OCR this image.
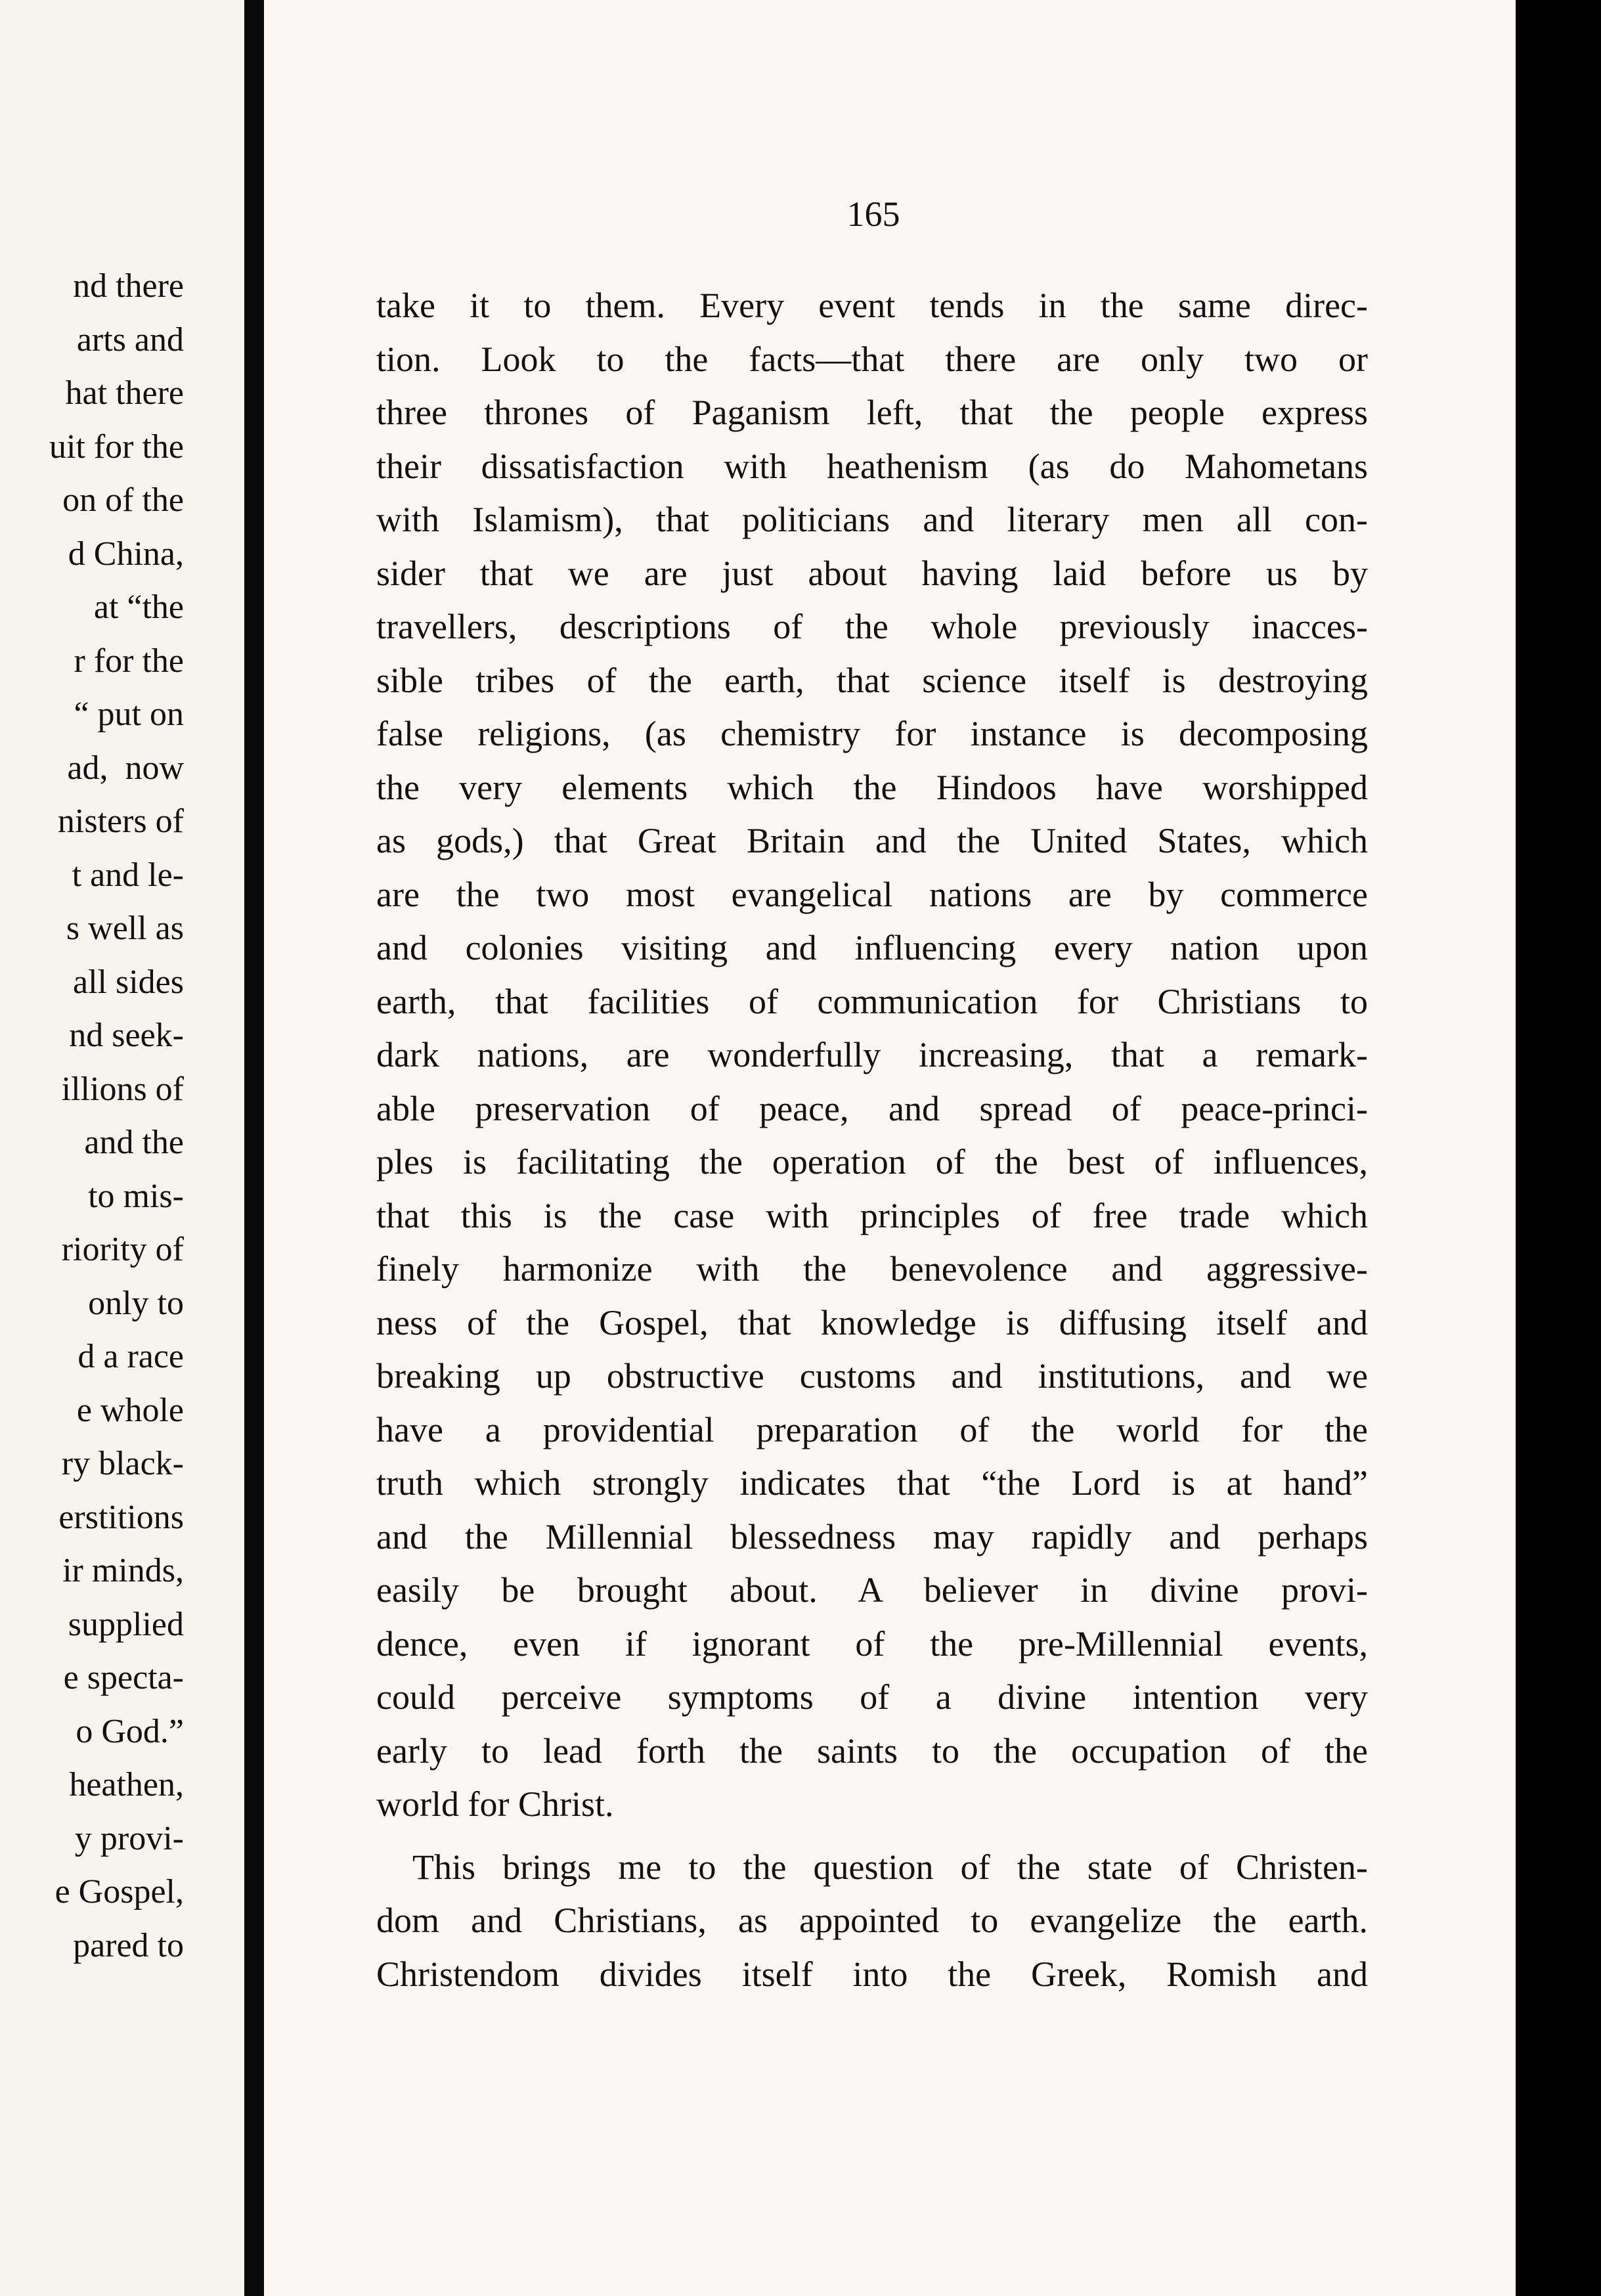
nd there
arts and
hat there
uit for the
on of the
d China,
at “the
r for the
“ put on
ad,  now
nisters of
t and le-
s well as
all sides
nd seek-
illions of
and the
to mis-
riority of
only to
d a race
e whole
ry black-
erstitions
ir minds,
supplied
e specta-
o God.”
heathen,
y provi-
e Gospel,
pared to
165
take it to them. Every event tends in the same direc-
tion. Look to the facts—that there are only two or
three thrones of Paganism left, that the people express
their dissatisfaction with heathenism (as do Mahometans
with Islamism), that politicians and literary men all con-
sider that we are just about having laid before us by
travellers, descriptions of the whole previously inacces-
sible tribes of the earth, that science itself is destroying
false religions, (as chemistry for instance is decomposing
the very elements which the Hindoos have worshipped
as gods,) that Great Britain and the United States, which
are the two most evangelical nations are by commerce
and colonies visiting and influencing every nation upon
earth, that facilities of communication for Christians to
dark nations, are wonderfully increasing, that a remark-
able preservation of peace, and spread of peace-princi-
ples is facilitating the operation of the best of influences,
that this is the case with principles of free trade which
finely harmonize with the benevolence and aggressive-
ness of the Gospel, that knowledge is diffusing itself and
breaking up obstructive customs and institutions, and we
have a providential preparation of the world for the
truth which strongly indicates that “the Lord is at hand”
and the Millennial blessedness may rapidly and perhaps
easily be brought about. A believer in divine provi-
dence, even if ignorant of the pre-Millennial events,
could perceive symptoms of a divine intention very
early to lead forth the saints to the occupation of the
world for Christ.
This brings me to the question of the state of Christen-
dom and Christians, as appointed to evangelize the earth.
Christendom divides itself into the Greek, Romish and
